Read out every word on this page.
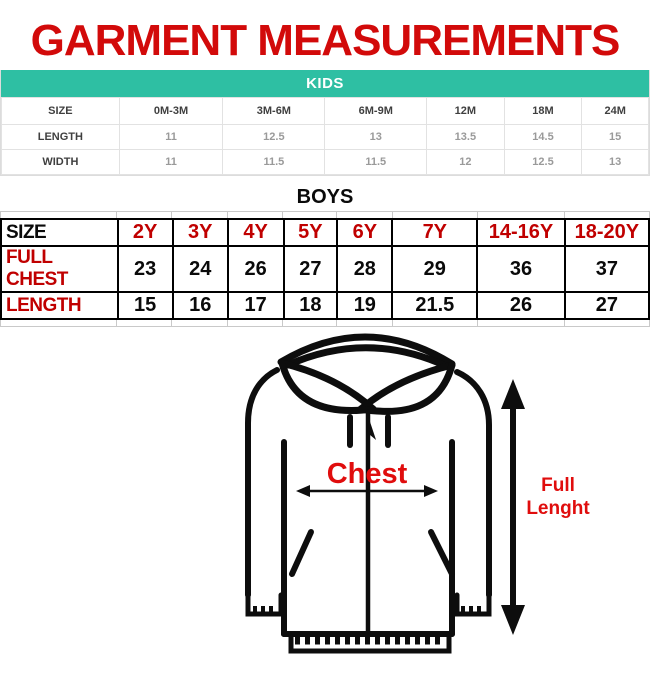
GARMENT MEASUREMENTS
KIDS
SIZE	0M-3M	3M-6M	6M-9M	12M	18M	24M
LENGTH	11	12.5	13	13.5	14.5	15
WIDTH	11	11.5	11.5	12	12.5	13
BOYS
SIZE	2Y	3Y	4Y	5Y	6Y	7Y	14-16Y	18-20Y
FULL CHEST	23	24	26	27	28	29	36	37
LENGTH	15	16	17	18	19	21.5	26	27
Chest	Full
Lenght
